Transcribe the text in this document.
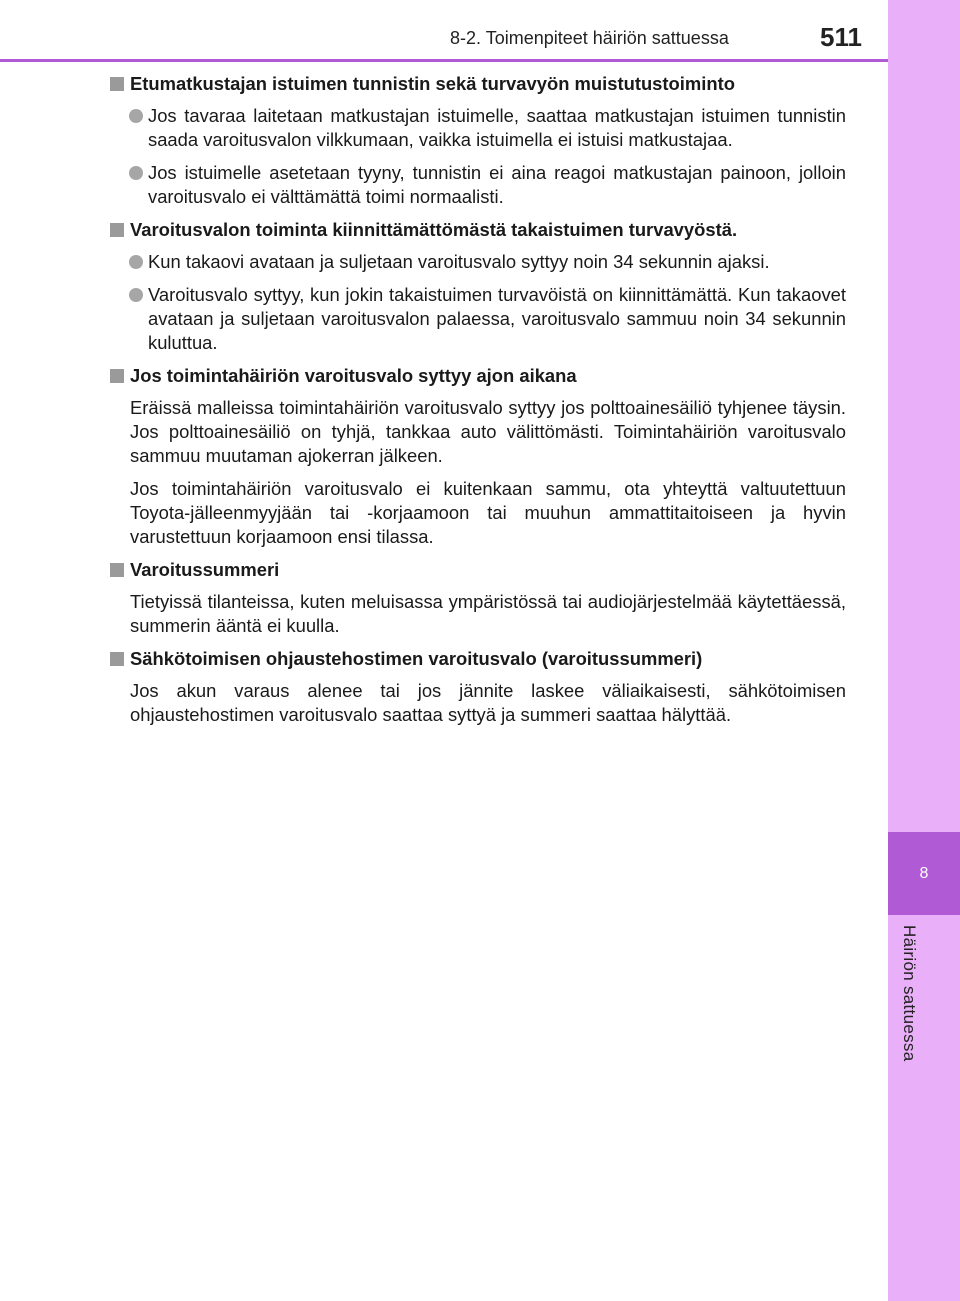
8-2. Toimenpiteet häiriön sattuessa	511
8
Häiriön sattuessa
Etumatkustajan istuimen tunnistin sekä turvavyön muistutustoiminto
Jos tavaraa laitetaan matkustajan istuimelle, saattaa matkustajan istuimen tunnistin saada varoitusvalon vilkkumaan, vaikka istuimella ei istuisi matkustajaa.
Jos istuimelle asetetaan tyyny, tunnistin ei aina reagoi matkustajan painoon, jolloin varoitusvalo ei välttämättä toimi normaalisti.
Varoitusvalon toiminta kiinnittämättömästä takaistuimen turvavyöstä.
Kun takaovi avataan ja suljetaan varoitusvalo syttyy noin 34 sekunnin ajaksi.
Varoitusvalo syttyy, kun jokin takaistuimen turvavöistä on kiinnittämättä. Kun takaovet avataan ja suljetaan varoitusvalon palaessa, varoitusvalo sammuu noin 34 sekunnin kuluttua.
Jos toimintahäiriön varoitusvalo syttyy ajon aikana

Eräissä malleissa toimintahäiriön varoitusvalo syttyy jos polttoainesäiliö tyhjenee täysin. Jos polttoainesäiliö on tyhjä, tankkaa auto välittömästi. Toimintahäiriön varoitusvalo sammuu muutaman ajokerran jälkeen.

Jos toimintahäiriön varoitusvalo ei kuitenkaan sammu, ota yhteyttä valtuutettuun Toyota-jälleenmyyjään tai -korjaamoon tai muuhun ammattitaitoiseen ja hyvin varustettuun korjaamoon ensi tilassa.

Varoitussummeri

Tietyissä tilanteissa, kuten meluisassa ympäristössä tai audiojärjestelmää käytettäessä, summerin ääntä ei kuulla.

Sähkötoimisen ohjaustehostimen varoitusvalo (varoitussummeri)

Jos akun varaus alenee tai jos jännite laskee väliaikaisesti, sähkötoimisen ohjaustehostimen varoitusvalo saattaa syttyä ja summeri saattaa hälyttää.
